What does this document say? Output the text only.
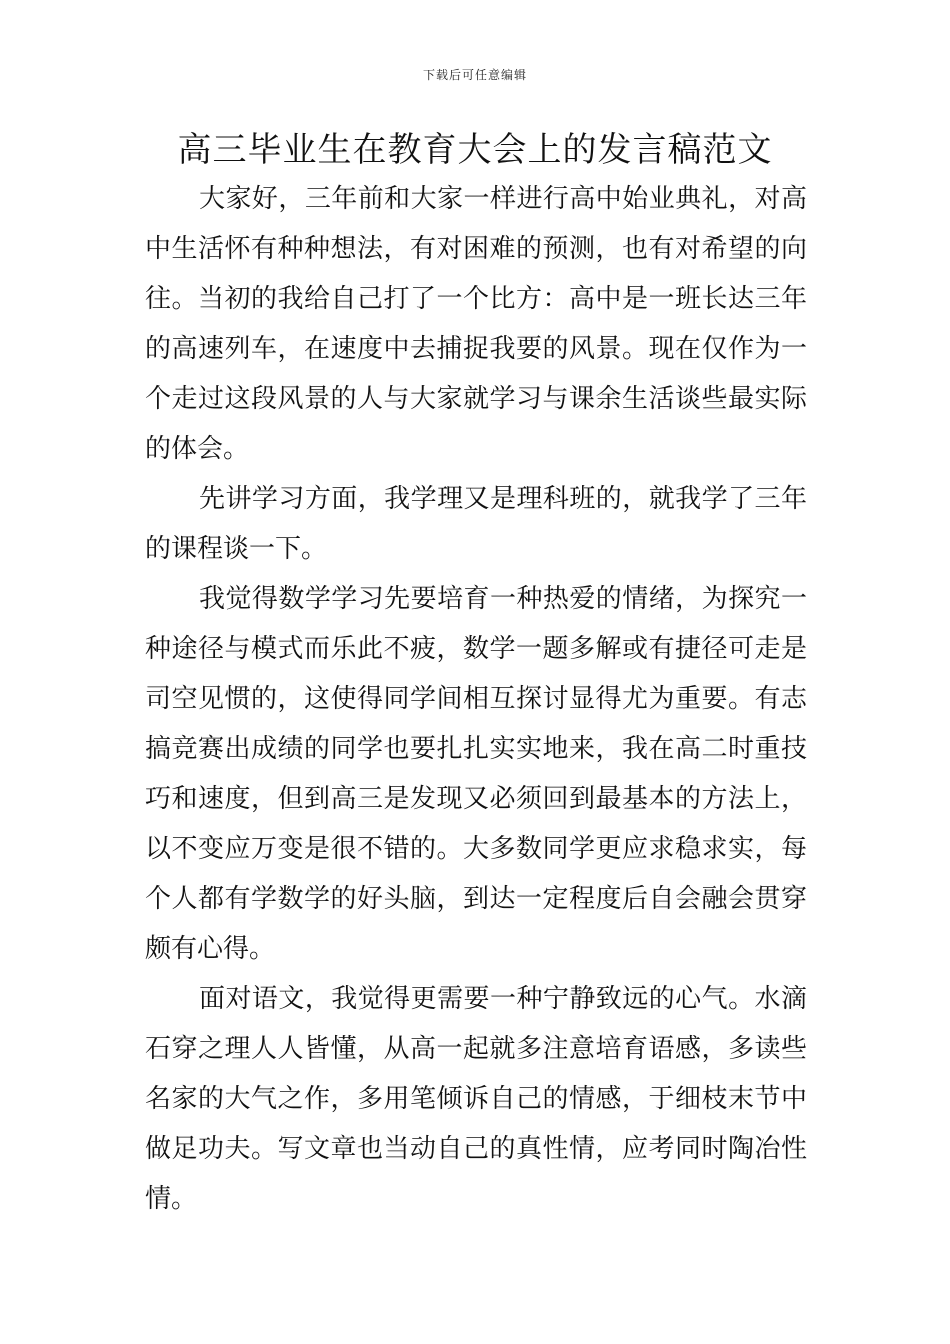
下载后可任意编辑
高三毕业生在教育大会上的发言稿范文

大家好，三年前和大家一样进行高中始业典礼，对高中生活怀有种种想法，有对困难的预测，也有对希望的向往。当初的我给自己打了一个比方：高中是一班长达三年的高速列车，在速度中去捕捉我要的风景。现在仅作为一个走过这段风景的人与大家就学习与课余生活谈些最实际的体会。

先讲学习方面，我学理又是理科班的，就我学了三年的课程谈一下。

我觉得数学学习先要培育一种热爱的情绪，为探究一种途径与模式而乐此不疲，数学一题多解或有捷径可走是司空见惯的，这使得同学间相互探讨显得尤为重要。有志搞竞赛出成绩的同学也要扎扎实实地来，我在高二时重技巧和速度，但到高三是发现又必须回到最基本的方法上，以不变应万变是很不错的。大多数同学更应求稳求实，每个人都有学数学的好头脑，到达一定程度后自会融会贯穿颇有心得。

面对语文，我觉得更需要一种宁静致远的心气。水滴石穿之理人人皆懂，从高一起就多注意培育语感，多读些名家的大气之作，多用笔倾诉自己的情感，于细枝末节中做足功夫。写文章也当动自己的真性情，应考同时陶冶性情。
